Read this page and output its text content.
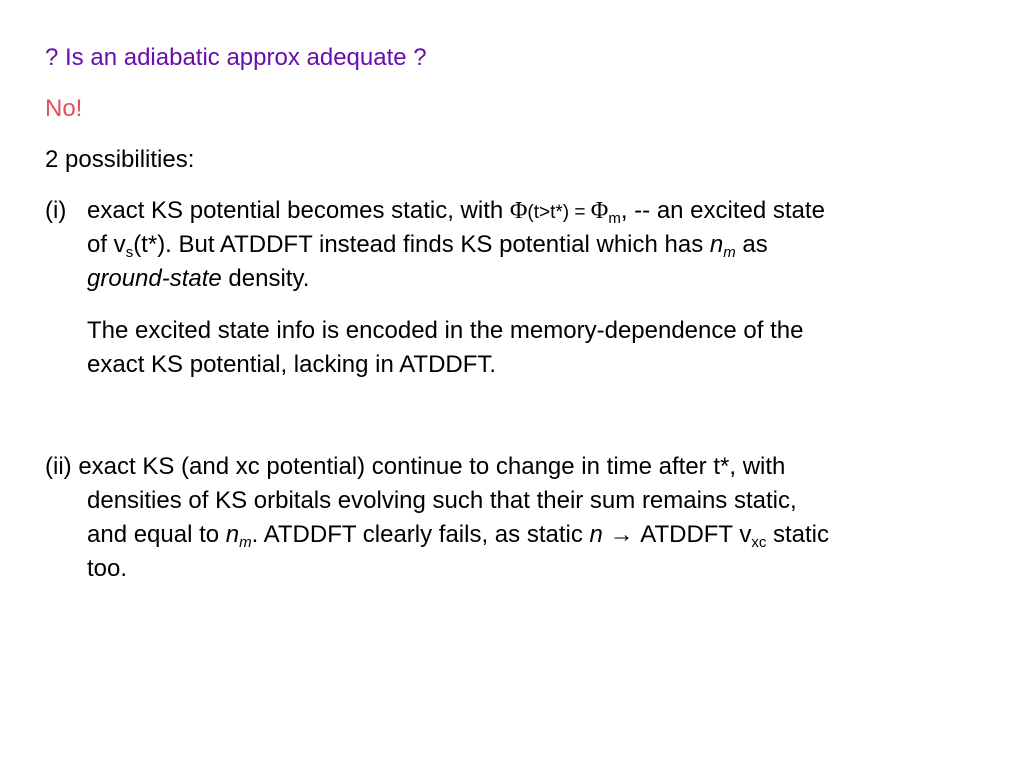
? Is an adiabatic approx adequate ?
No!
2 possibilities:
(i) exact KS potential becomes static, with $\Phi(t>t*) = \Phi_m$, -- an excited state
of $v_s(t*)$. But ATDDFT instead finds KS potential which has $n_m$ as
ground-state density.
The excited state info is encoded in the memory-dependence of the
exact KS potential, lacking in ATDDFT.
(ii) exact KS (and xc potential) continue to change in time after t*, with
densities of KS orbitals evolving such that their sum remains static,
and equal to $n_m$. ATDDFT clearly fails, as static n → ATDDFT $v_{xc}$ static
too.
